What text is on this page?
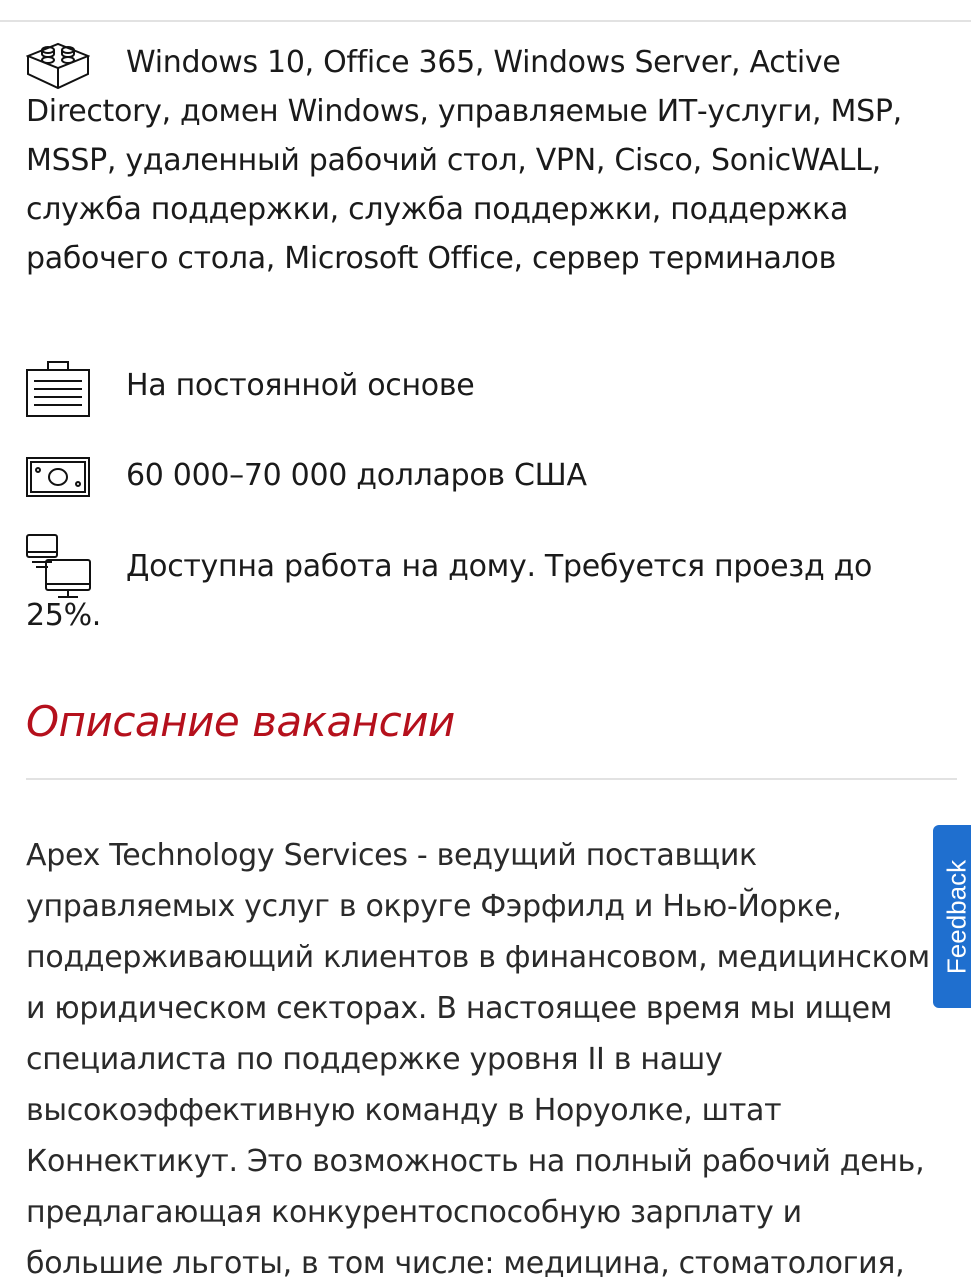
Windows 10, Office 365, Windows Server, Active Directory, домен Windows, управляемые ИТ-услуги, MSP, MSSP, удаленный рабочий стол, VPN, Cisco, SonicWALL, служба поддержки, служба поддержки, поддержка рабочего стола, Microsoft Office, сервер терминалов

На постоянной основе

60 000–70 000 долларов США

Доступна работа на дому. Требуется проезд до 25%.

Описание вакансии

Apex Technology Services - ведущий поставщик управляемых услуг в округе Фэрфилд и Нью-Йорке, поддерживающий клиентов в финансовом, медицинском и юридическом секторах. В настоящее время мы ищем специалиста по поддержке уровня II в нашу высокоэффективную команду в Норуолке, штат Коннектикут. Это возможность на полный рабочий день, предлагающая конкурентоспособную зарплату и большие льготы, в том числе: медицина, стоматология,

Feedback
